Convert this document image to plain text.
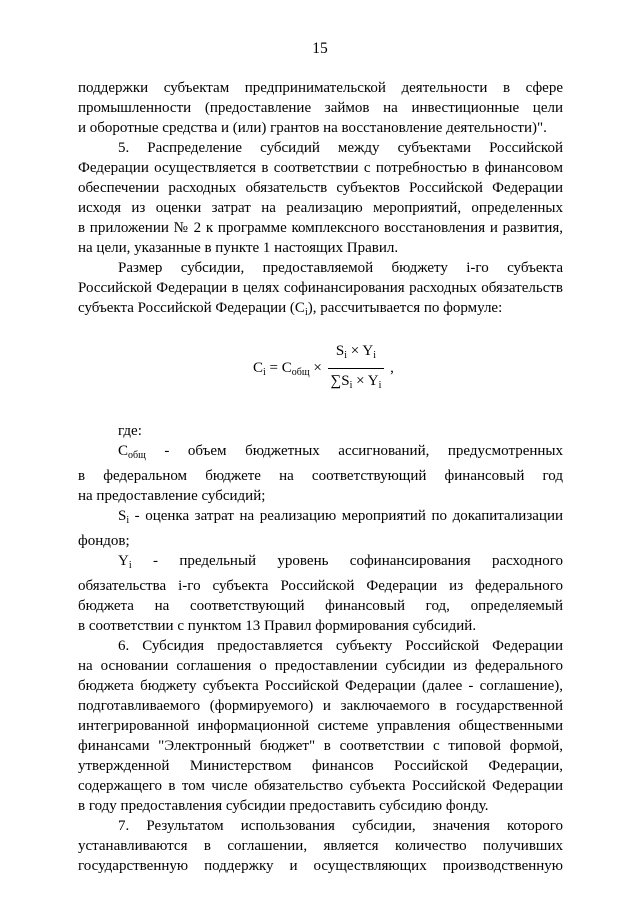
15

поддержки субъектам предпринимательской деятельности в сфере

промышленности (предоставление займов на инвестиционные цели

и оборотные средства и (или) грантов на восстановление деятельности)".

5. Распределение субсидий между субъектами Российской

Федерации осуществляется в соответствии с потребностью в финансовом

обеспечении расходных обязательств субъектов Российской Федерации

исходя из оценки затрат на реализацию мероприятий, определенных

в приложении № 2 к программе комплексного восстановления и развития,

на цели, указанные в пункте 1 настоящих Правил.

Размер субсидии, предоставляемой бюджету i-го субъекта

Российской Федерации в целях софинансирования расходных обязательств

субъекта Российской Федерации $(C_i)$, рассчитывается по формуле:

$C_i = C_{общ} \times \frac{S_i \times Y_i}{\sum S_i \times Y_i}$ ,

где:

$C_{общ}$ - объем бюджетных ассигнований, предусмотренных

в федеральном бюджете на соответствующий финансовый год

на предоставление субсидий;

$S_i$ - оценка затрат на реализацию мероприятий по докапитализации

фондов;

$Y_i$ - предельный уровень софинансирования расходного

обязательства i-го субъекта Российской Федерации из федерального

бюджета на соответствующий финансовый год, определяемый

в соответствии с пунктом 13 Правил формирования субсидий.

6. Субсидия предоставляется субъекту Российской Федерации

на основании соглашения о предоставлении субсидии из федерального

бюджета бюджету субъекта Российской Федерации (далее - соглашение),

подготавливаемого (формируемого) и заключаемого в государственной

интегрированной информационной системе управления общественными

финансами "Электронный бюджет" в соответствии с типовой формой,

утвержденной Министерством финансов Российской Федерации,

содержащего в том числе обязательство субъекта Российской Федерации

в году предоставления субсидии предоставить субсидию фонду.

7. Результатом использования субсидии, значения которого

устанавливаются в соглашении, является количество получивших

государственную поддержку и осуществляющих производственную
